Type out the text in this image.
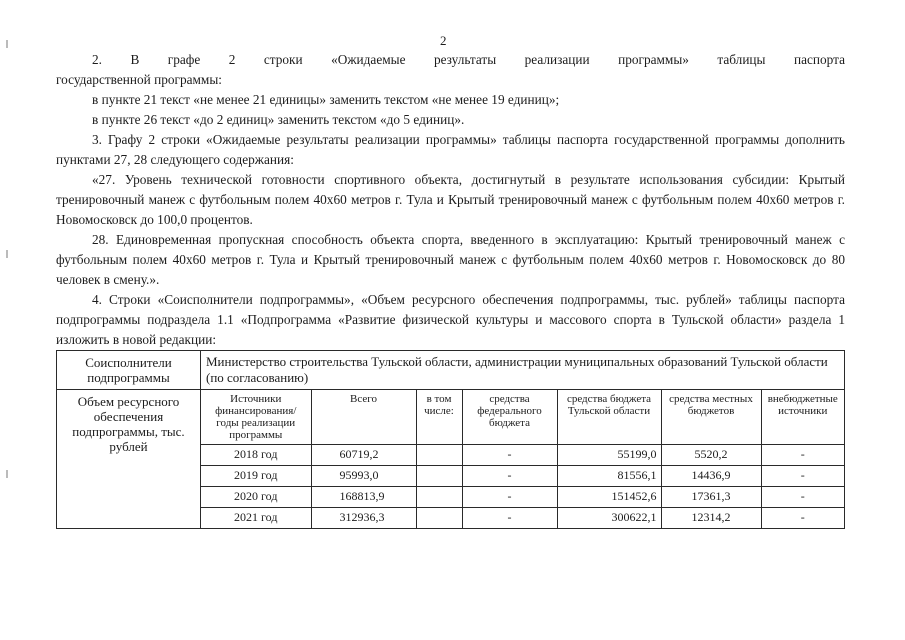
2
2. В графе 2 строки «Ожидаемые результаты реализации программы» таблицы паспорта
государственной программы:
в пункте 21 текст «не менее 21 единицы» заменить текстом «не менее 19 единиц»;
в пункте 26 текст «до 2 единиц» заменить текстом «до 5 единиц».
3. Графу 2 строки «Ожидаемые результаты реализации программы» таблицы паспорта государственной программы дополнить пунктами 27, 28 следующего содержания:
«27. Уровень технической готовности спортивного объекта, достигнутый в результате использования субсидии: Крытый тренировочный манеж с футбольным полем 40х60 метров г. Тула и Крытый тренировочный манеж с футбольным полем 40х60 метров г. Новомосковск до 100,0 процентов.
28. Единовременная пропускная способность объекта спорта, введенного в эксплуатацию: Крытый тренировочный манеж с футбольным полем 40х60 метров г. Тула и Крытый тренировочный манеж с футбольным полем 40х60 метров г. Новомосковск до 80 человек в смену.».
4. Строки «Соисполнители подпрограммы», «Объем ресурсного обеспечения подпрограммы, тыс. рублей» таблицы паспорта подпрограммы подраздела 1.1 «Подпрограмма «Развитие физической культуры и массового спорта в Тульской области» раздела 1 изложить в новой редакции:
Соисполнители подпрограммы	Министерство строительства Тульской области, администрации муниципальных образований Тульской области (по согласованию)
Объем ресурсного обеспечения подпрограммы, тыс. рублей	
Источники финансирования/ годы реализации программы	Всего	в том числе:	средства федерального бюджета	средства бюджета Тульской области	средства местных бюджетов	внебюджетные источники
2018 год	60719,2		-	55199,0	5520,2	-
2019 год	95993,0		-	81556,1	14436,9	-
2020 год	168813,9		-	151452,6	17361,3	-
2021 год	312936,3		-	300622,1	12314,2	-
